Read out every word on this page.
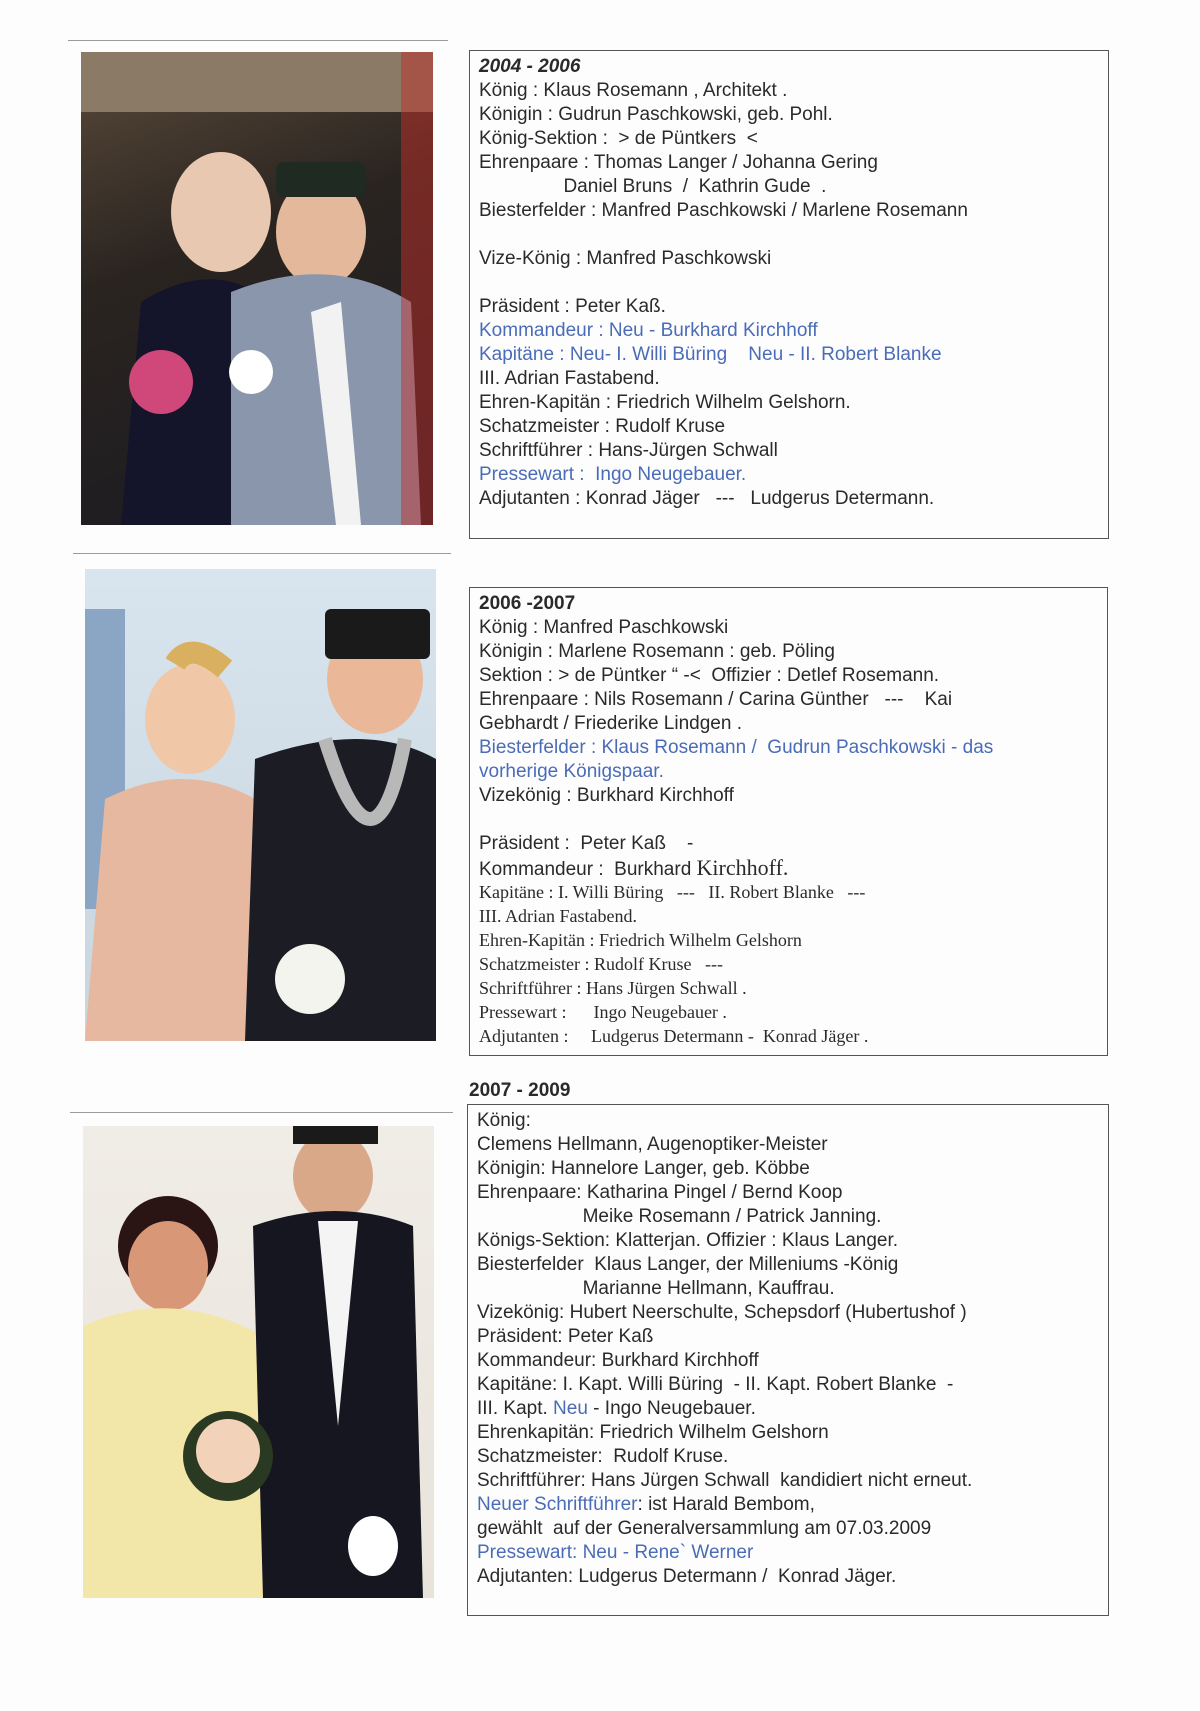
2004 - 2006
König : Klaus Rosemann , Architekt .
Königin : Gudrun Paschkowski, geb. Pohl.
König-Sektion :  > de Püntkers  <
Ehrenpaare : Thomas Langer / Johanna Gering
Daniel Bruns  /  Kathrin Gude  .
Biesterfelder : Manfred Paschkowski / Marlene Rosemann
Vize-König : Manfred Paschkowski
Präsident : Peter Kaß.
Kommandeur : Neu - Burkhard Kirchhoff
Kapitäne : Neu- I. Willi Büring    Neu - II. Robert Blanke
III. Adrian Fastabend.
Ehren-Kapitän : Friedrich Wilhelm Gelshorn.
Schatzmeister : Rudolf Kruse
Schriftführer : Hans-Jürgen Schwall
Pressewart :  Ingo Neugebauer.
Adjutanten : Konrad Jäger   ---   Ludgerus Determann.
2006 -2007
König : Manfred Paschkowski
Königin : Marlene Rosemann : geb. Pöling
Sektion : > de Püntker “ -<  Offizier : Detlef Rosemann.
Ehrenpaare : Nils Rosemann / Carina Günther   ---    Kai
Gebhardt / Friederike Lindgen .
Biesterfelder : Klaus Rosemann /  Gudrun Paschkowski - das
vorherige Königspaar.
Vizekönig : Burkhard Kirchhoff
Präsident :  Peter Kaß    -
Kommandeur :  Burkhard Kirchhoff.
Kapitäne : I. Willi Büring   ---   II. Robert Blanke   ---
III. Adrian Fastabend.
Ehren-Kapitän : Friedrich Wilhelm Gelshorn
Schatzmeister : Rudolf Kruse   ---
Schriftführer : Hans Jürgen Schwall .
Pressewart :      Ingo Neugebauer .
Adjutanten :     Ludgerus Determann -  Konrad Jäger .
2007 - 2009
König:
Clemens Hellmann, Augenoptiker-Meister
Königin: Hannelore Langer, geb. Köbbe
Ehrenpaare: Katharina Pingel / Bernd Koop
Meike Rosemann / Patrick Janning.
Königs-Sektion: Klatterjan. Offizier : Klaus Langer.
Biesterfelder  Klaus Langer, der Milleniums -König
Marianne Hellmann, Kauffrau.
Vizekönig: Hubert Neerschulte, Schepsdorf (Hubertushof )
Präsident: Peter Kaß
Kommandeur: Burkhard Kirchhoff
Kapitäne: I. Kapt. Willi Büring  - II. Kapt. Robert Blanke  -
III. Kapt. Neu - Ingo Neugebauer.
Ehrenkapitän: Friedrich Wilhelm Gelshorn
Schatzmeister:  Rudolf Kruse.
Schriftführer: Hans Jürgen Schwall  kandidiert nicht erneut.
Neuer Schriftführer: ist Harald Bembom,
gewählt  auf der Generalversammlung am 07.03.2009
Pressewart: Neu - Rene` Werner
Adjutanten: Ludgerus Determann /  Konrad Jäger.
